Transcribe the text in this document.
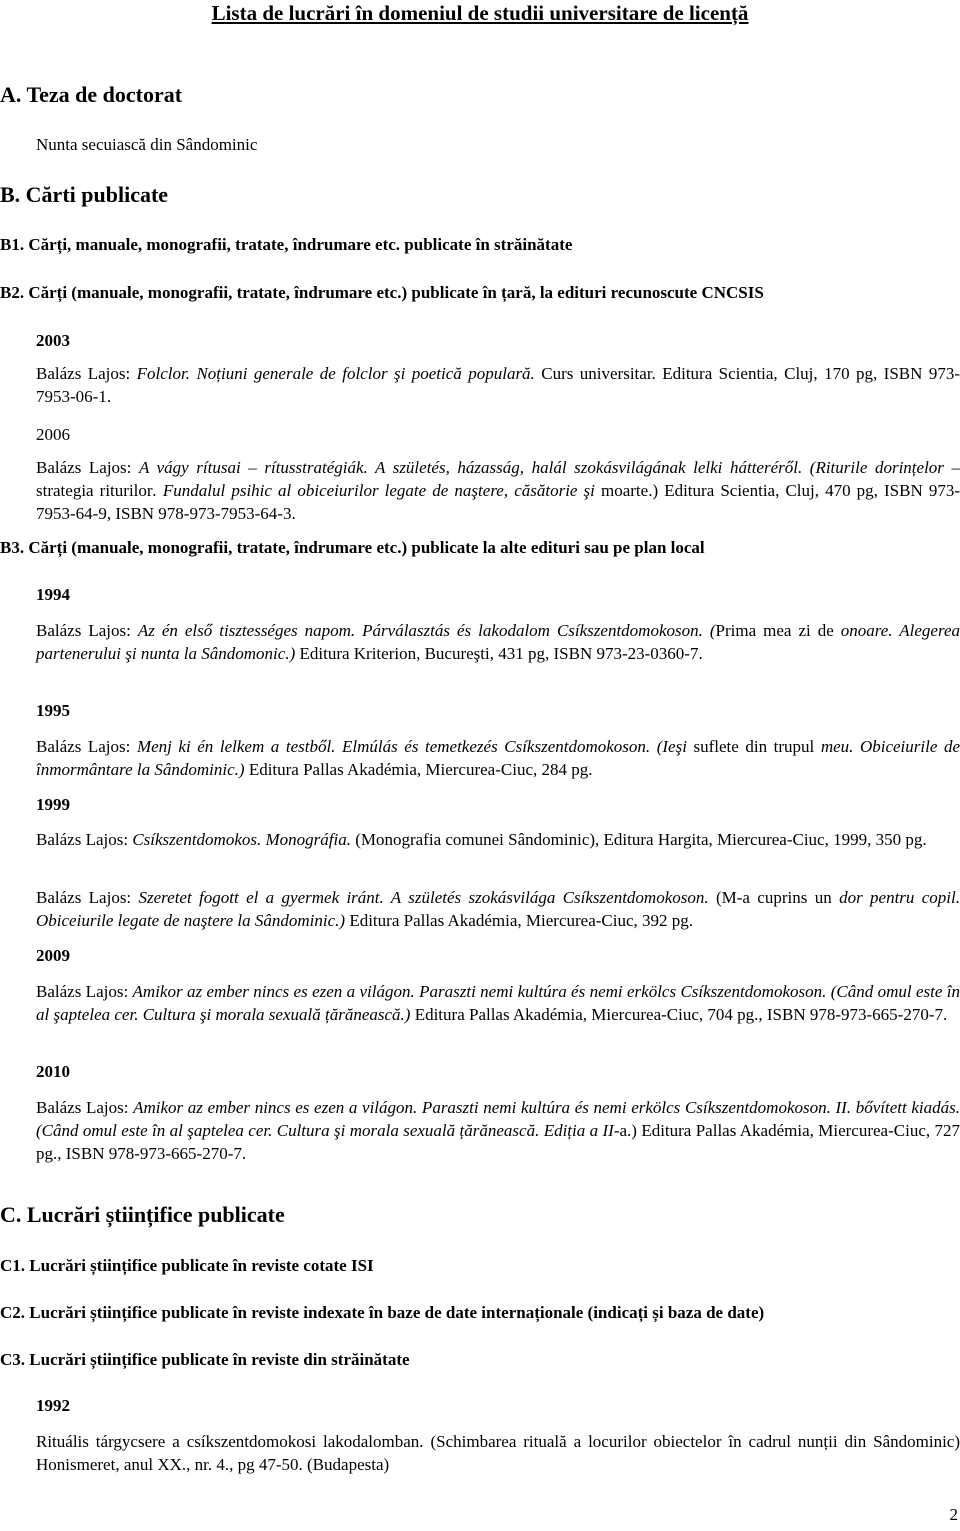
Lista de lucrări în domeniul de studii universitare de licență
A. Teza de doctorat
Nunta secuiască din Sândominic
B. Cărti publicate
B1. Cărți, manuale, monografii, tratate, îndrumare etc. publicate în străinătate
B2. Cărți (manuale, monografii, tratate, îndrumare etc.) publicate în țară, la edituri recunoscute CNCSIS
2003

Balázs Lajos: Folclor. Noțiuni generale de folclor şi poetică populară. Curs universitar. Editura Scientia, Cluj, 170 pg, ISBN 973-7953-06-1.

2006

Balázs Lajos: A vágy rítusai – rítusstratégiák. A születés, házasság, halál szokásvilágának lelki hátteréről. (Riturile dorințelor – strategia riturilor. Fundalul psihic al obiceiurilor legate de naştere, căsătorie şi moarte.) Editura Scientia, Cluj, 470 pg, ISBN 973-7953-64-9, ISBN 978-973-7953-64-3.

B3. Cărți (manuale, monografii, tratate, îndrumare etc.) publicate la alte edituri sau pe plan local
1994

Balázs Lajos: Az én első tisztességes napom. Párválasztás és lakodalom Csíkszentdomokoson. (Prima mea zi de onoare. Alegerea partenerului şi nunta la Sândomonic.) Editura Kriterion, Bucureşti, 431 pg, ISBN 973-23-0360-7.

1995

Balázs Lajos: Menj ki én lelkem a testből. Elmúlás és temetkezés Csíkszentdomokoson. (Ieşi suflete din trupul meu. Obiceiurile de înmormântare la Sândominic.) Editura Pallas Akadémia, Miercurea-Ciuc, 284 pg.

1999

Balázs Lajos: Csíkszentdomokos. Monográfia. (Monografia comunei Sândominic), Editura Hargita, Miercurea-Ciuc, 1999, 350 pg.

Balázs Lajos: Szeretet fogott el a gyermek iránt. A születés szokásvilága Csíkszentdomokoson. (M-a cuprins un dor pentru copil. Obiceiurile legate de naştere la Sândominic.) Editura Pallas Akadémia, Miercurea-Ciuc, 392 pg.

2009

Balázs Lajos: Amikor az ember nincs es ezen a világon. Paraszti nemi kultúra és nemi erkölcs Csíkszentdomokoson. (Când omul este în al şaptelea cer. Cultura şi morala sexuală țărănească.) Editura Pallas Akadémia, Miercurea-Ciuc, 704 pg., ISBN 978-973-665-270-7.

2010

Balázs Lajos: Amikor az ember nincs es ezen a világon. Paraszti nemi kultúra és nemi erkölcs Csíkszentdomokoson. II. bővített kiadás. (Când omul este în al şaptelea cer. Cultura şi morala sexuală țărănească. Ediția a II-a.) Editura Pallas Akadémia, Miercurea-Ciuc, 727 pg., ISBN 978-973-665-270-7.

C. Lucrări științifice publicate
C1. Lucrări științifice publicate în reviste cotate ISI
C2. Lucrări științifice publicate în reviste indexate în baze de date internaționale (indicați și baza de date)
C3. Lucrări științifice publicate în reviste din străinătate
1992

Rituális tárgycsere a csíkszentdomokosi lakodalomban. (Schimbarea rituală a locurilor obiectelor în cadrul nunții din Sândominic) Honismeret, anul XX., nr. 4., pg 47-50. (Budapesta)

2
